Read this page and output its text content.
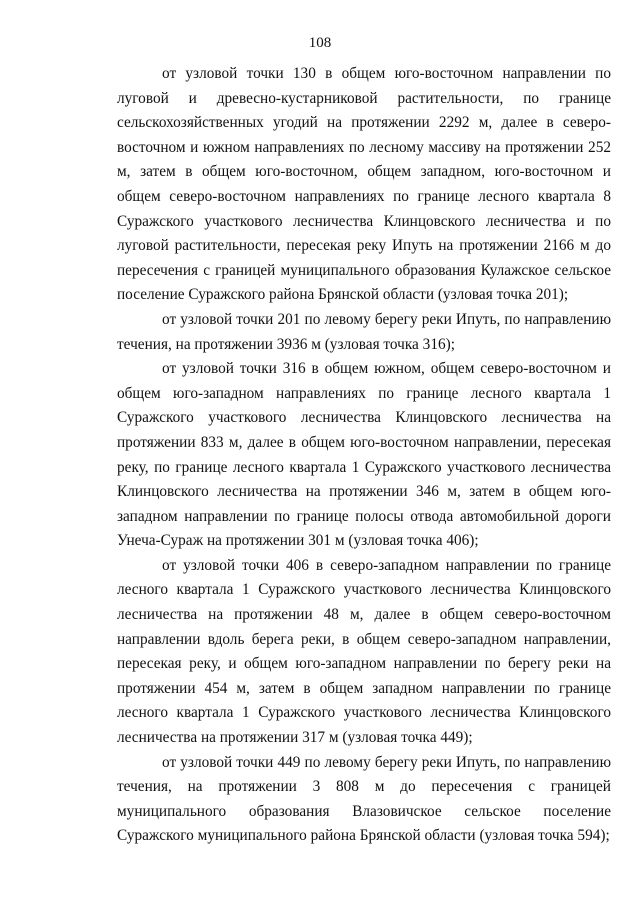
108

от узловой точки 130 в общем юго-восточном направлении по луговой и древесно-кустарниковой растительности, по границе сельскохозяйственных угодий на протяжении 2292 м, далее в северо-восточном и южном направлениях по лесному массиву на протяжении 252 м, затем в общем юго-восточном, общем западном, юго-восточном и общем северо-восточном направлениях по границе лесного квартала 8 Суражского участкового лесничества Клинцовского лесничества и по луговой растительности, пересекая реку Ипуть на протяжении 2166 м до пересечения с границей муниципального образования Кулажское сельское поселение Суражского района Брянской области (узловая точка 201);

от узловой точки 201 по левому берегу реки Ипуть, по направлению течения, на протяжении 3936 м (узловая точка 316);

от узловой точки 316 в общем южном, общем северо-восточном и общем юго-западном направлениях по границе лесного квартала 1 Суражского участкового лесничества Клинцовского лесничества на протяжении 833 м, далее в общем юго-восточном направлении, пересекая реку, по границе лесного квартала 1 Суражского участкового лесничества Клинцовского лесничества на протяжении 346 м, затем в общем юго-западном направлении по границе полосы отвода автомобильной дороги Унеча-Сураж на протяжении 301 м (узловая точка 406);

от узловой точки 406 в северо-западном направлении по границе лесного квартала 1 Суражского участкового лесничества Клинцовского лесничества на протяжении 48 м, далее в общем северо-восточном направлении вдоль берега реки, в общем северо-западном направлении, пересекая реку, и общем юго-западном направлении по берегу реки на протяжении 454 м, затем в общем западном направлении по границе лесного квартала 1 Суражского участкового лесничества Клинцовского лесничества на протяжении 317 м (узловая точка 449);

от узловой точки 449 по левому берегу реки Ипуть, по направлению течения, на протяжении 3 808 м до пересечения с границей муниципального образования Влазовичское сельское поселение Суражского муниципального района Брянской области (узловая точка 594);
